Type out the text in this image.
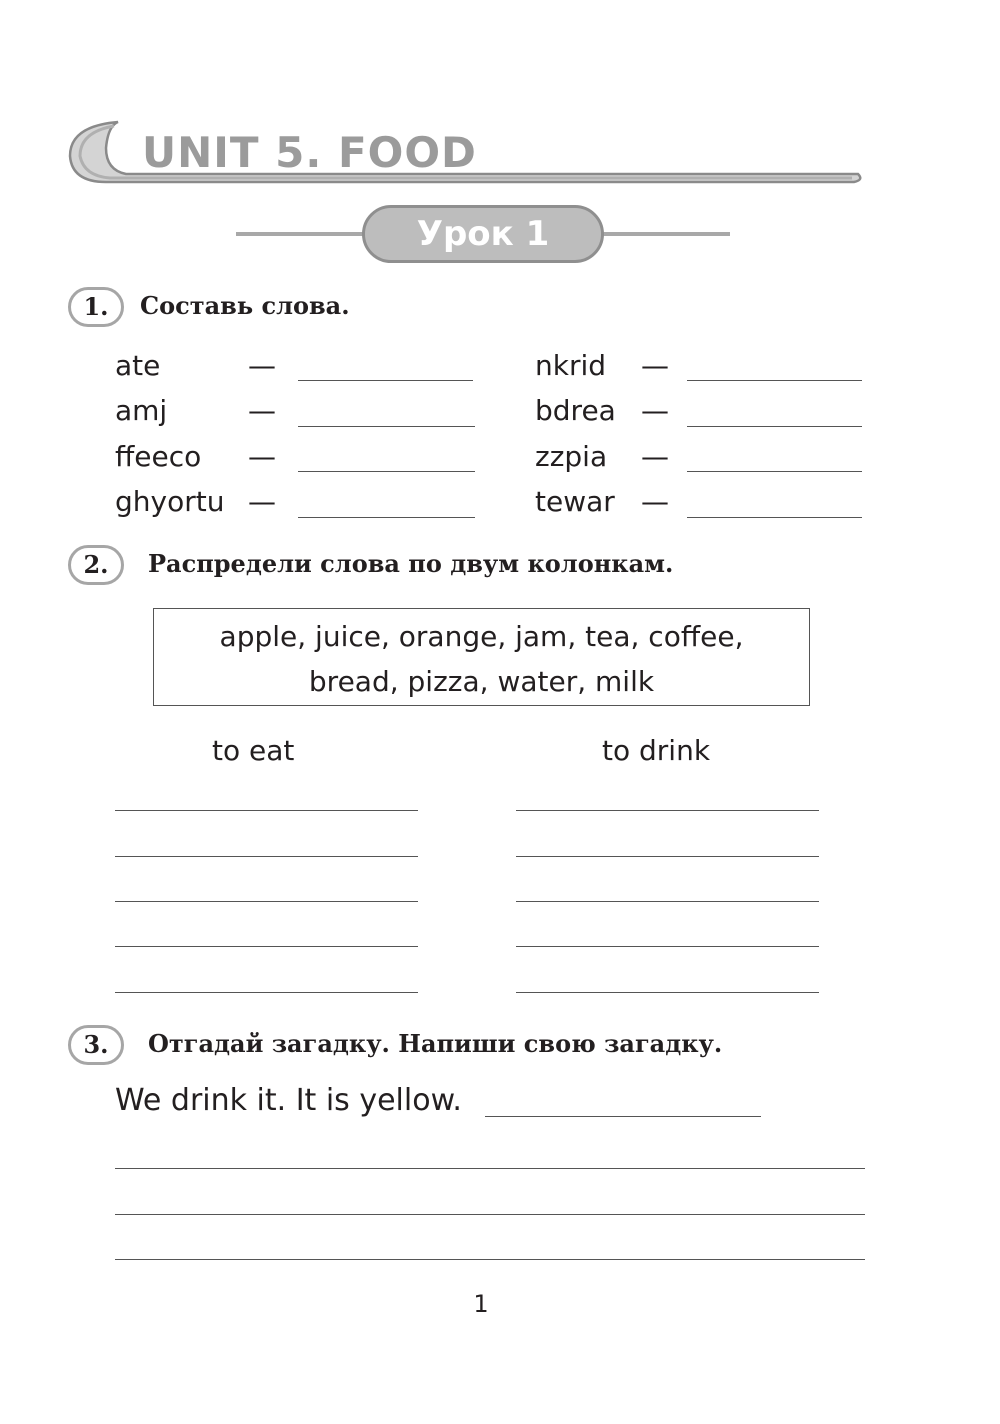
UNIT 5. FOOD
Урок 1
1.	Составь слова.
ate	—
amj	—
ffeeco —
ghyortu —
nkrid —
bdrea —
zzpia —
tewar —
2.	Распредели слова по двум колонкам.
apple, juice, orange, jam, tea, coffee,
bread, pizza, water, milk
to eat	to drink
3.	Отгадай загадку. Напиши свою загадку.
We drink it. It is yellow.
1
